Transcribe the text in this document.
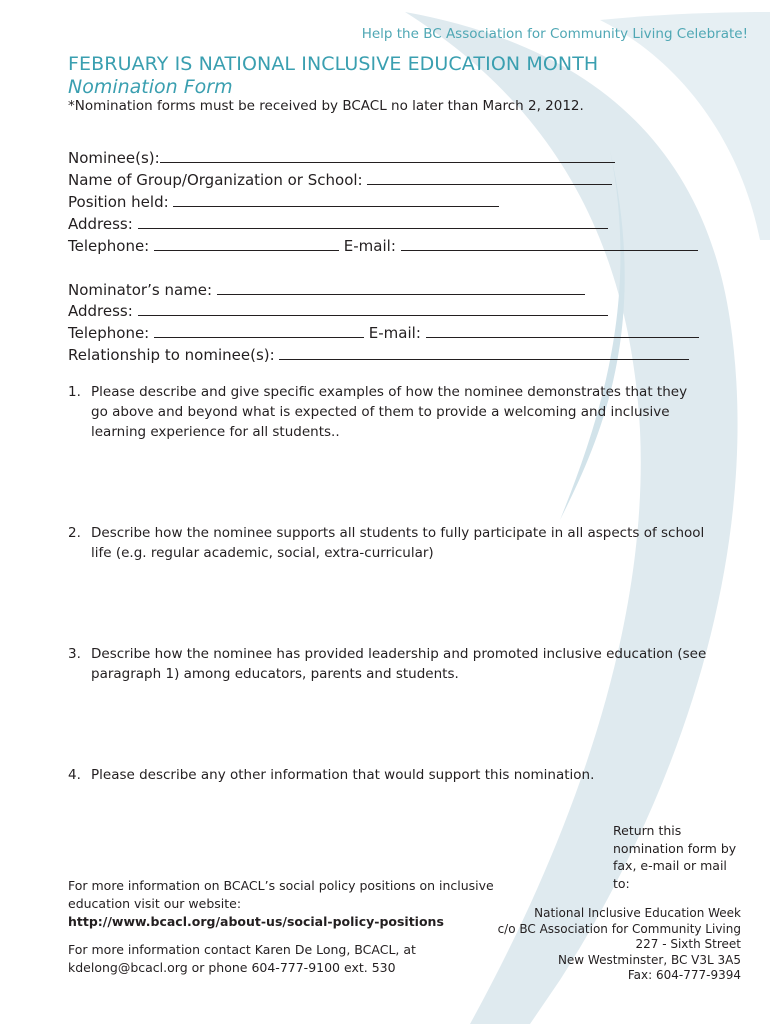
Help the BC Association for Community Living Celebrate!
FEBRUARY IS NATIONAL INCLUSIVE EDUCATION MONTH
Nomination Form
*Nomination forms must be received by BCACL no later than March 2, 2012.
Nominee(s):
Name of Group/Organization or School:
Position held:
Address:
Telephone:	E-mail:
Nominator’s name:
Address:
Telephone:	E-mail:
Relationship to nominee(s):
1. Please describe and give specific examples of how the nominee demonstrates that they go above and beyond what is expected of them to provide a welcoming and inclusive learning experience for all students..
2. Describe how the nominee supports all students to fully participate in all aspects of school life (e.g. regular academic, social, extra-curricular)
3. Describe how the nominee has provided leadership and promoted inclusive education (see paragraph 1) among educators, parents and students.
4. Please describe any other information that would support this nomination.
For more information on BCACL’s social policy positions on inclusive
education visit our website:
http://www.bcacl.org/about-us/social-policy-positions
For more information contact Karen De Long, BCACL, at
kdelong@bcacl.org or phone 604-777-9100 ext. 530
Return this nomination form by fax, e-mail or mail to:
National Inclusive Education Week
c/o BC Association for Community Living
227 - Sixth Street
New Westminster, BC V3L 3A5
Fax: 604-777-9394
